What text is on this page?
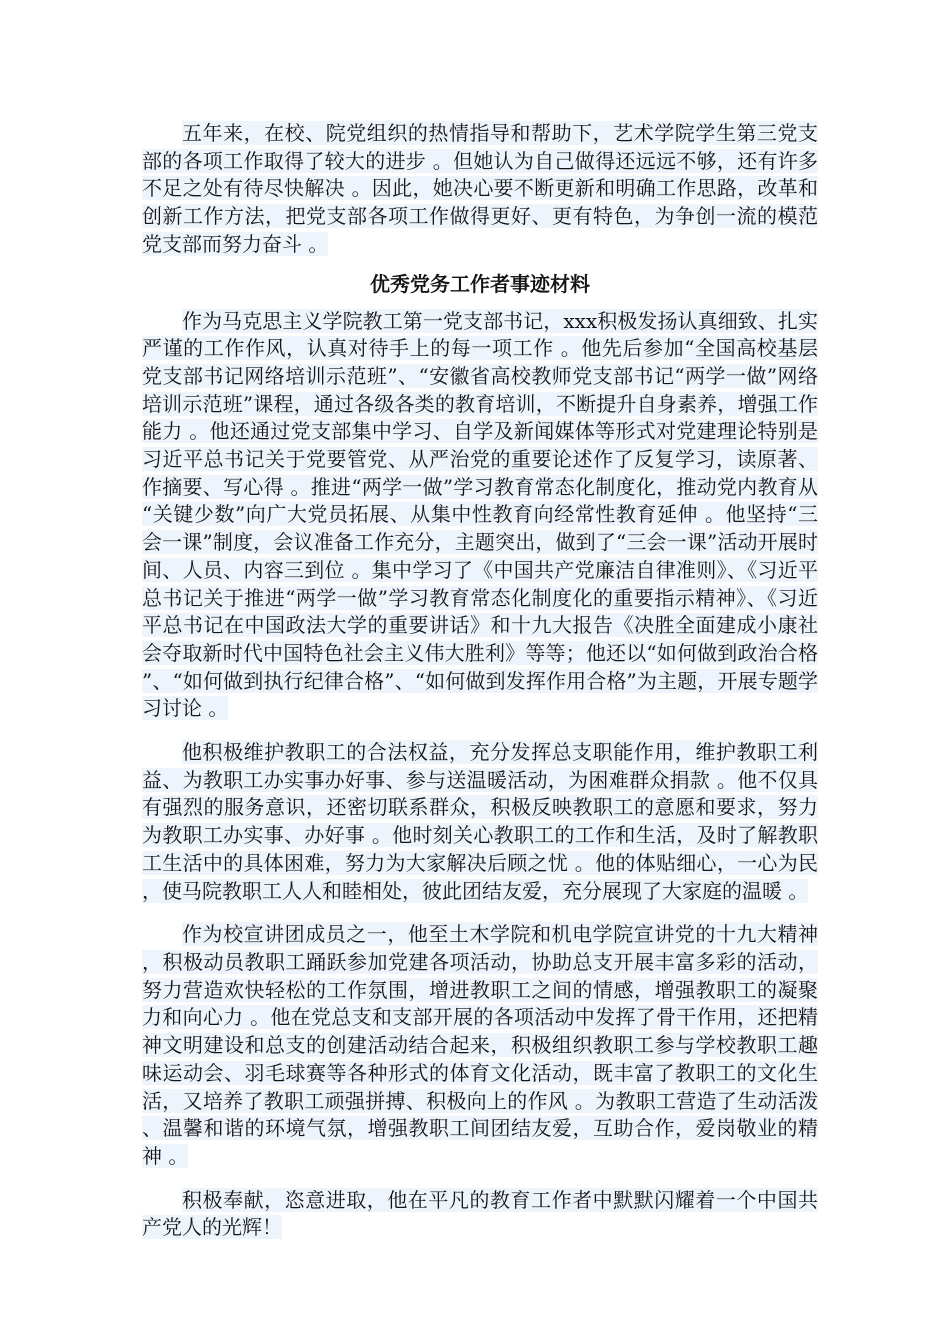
五年来，在校、院党组织的热情指导和帮助下，艺术学院学生第三党支部的各项工作取得了较大的进步 。但她认为自己做得还远远不够，还有许多不足之处有待尽快解决 。因此，她决心要不断更新和明确工作思路，改革和创新工作方法，把党支部各项工作做得更好、更有特色，为争创一流的模范党支部而努力奋斗 。

优秀党务工作者事迹材料

作为马克思主义学院教工第一党支部书记，xxx积极发扬认真细致、扎实严谨的工作作风，认真对待手上的每一项工作 。他先后参加“全国高校基层党支部书记网络培训示范班”、“安徽省高校教师党支部书记“两学一做”网络培训示范班”课程，通过各级各类的教育培训，不断提升自身素养，增强工作能力 。他还通过党支部集中学习、自学及新闻媒体等形式对党建理论特别是习近平总书记关于党要管党、从严治党的重要论述作了反复学习，读原著、作摘要、写心得 。推进“两学一做”学习教育常态化制度化，推动党内教育从“关键少数”向广大党员拓展、从集中性教育向经常性教育延伸 。他坚持“三会一课”制度，会议准备工作充分，主题突出，做到了“三会一课”活动开展时间、人员、内容三到位 。集中学习了《中国共产党廉洁自律准则》、《习近平总书记关于推进“两学一做”学习教育常态化制度化的重要指示精神》、《习近平总书记在中国政法大学的重要讲话》和十九大报告《决胜全面建成小康社会夺取新时代中国特色社会主义伟大胜利》等等；他还以“如何做到政治合格”、“如何做到执行纪律合格”、“如何做到发挥作用合格”为主题，开展专题学习讨论 。

他积极维护教职工的合法权益，充分发挥总支职能作用，维护教职工利益、为教职工办实事办好事、参与送温暖活动，为困难群众捐款 。他不仅具有强烈的服务意识，还密切联系群众，积极反映教职工的意愿和要求，努力为教职工办实事、办好事 。他时刻关心教职工的工作和生活，及时了解教职工生活中的具体困难，努力为大家解决后顾之忧 。他的体贴细心，一心为民，使马院教职工人人和睦相处，彼此团结友爱，充分展现了大家庭的温暖 。

作为校宣讲团成员之一，他至土木学院和机电学院宣讲党的十九大精神，积极动员教职工踊跃参加党建各项活动，协助总支开展丰富多彩的活动，努力营造欢快轻松的工作氛围，增进教职工之间的情感，增强教职工的凝聚力和向心力 。他在党总支和支部开展的各项活动中发挥了骨干作用，还把精神文明建设和总支的创建活动结合起来，积极组织教职工参与学校教职工趣味运动会、羽毛球赛等各种形式的体育文化活动，既丰富了教职工的文化生活，又培养了教职工顽强拼搏、积极向上的作风 。为教职工营造了生动活泼、温馨和谐的环境气氛，增强教职工间团结友爱，互助合作，爱岗敬业的精神 。

积极奉献，恣意进取，他在平凡的教育工作者中默默闪耀着一个中国共产党人的光辉！
